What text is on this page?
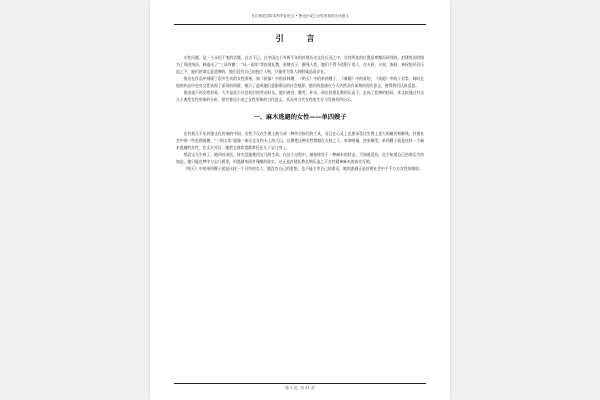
长江师范学院本科毕业论文 • 鲁迅小说之女性形象的当代意义
引 言

女性问题，是一个永恒不变的话题，自古不已。在中国这个有两千年的封建历史文化长河之中，女性所处的位置是卑微而屈辱的。封建统治阶级为了巩固统治，制造出了“三从四德”、“从一而终”等封建礼教，束缚女子，摧残人性。她们不得不依附于男人，在夫权、父权、族权、神权的层层压迫之下，她们的命运是悲惨的，她们没有自己的独立人格，只能作为男人的附属品而存在。

鲁迅在作品中刻画了很多生动的女性形象，如《祝福》中的祥林嫂，《明天》中的单四嫂子，《离婚》中的爱姑，《伤逝》中的子君等。同时在他的作品中也对女性表现了深切的同情，揭示了造成她们悲剧命运的社会根源。她们的悲剧在今天仍然具有深刻的现实意义，值得我们认真反思。

鲁迅笔下的女性形象，大多是处于社会底层的劳动妇女，她们善良、勤劳、朴实，却在封建礼教的压迫下，走向了悲惨的结局。本文拟通过对这几个典型女性形象的分析，探究鲁迅小说之女性形象的当代意义，从而对当代女性的生存与发展有所启示。

一、麻木逃避的女性——单四嫂子

在有着几千年封建文化传统的中国，女性不仅在生理上被当成一种传宗接代的工具，而且在心灵上也要承受比生理上更大的痛苦和摧残。封建社会中的一些伦理道德，“三纲五常”就像一座压在女性头上的大山。长期把这种女性禁锢在夫权之下，奉命唯谨，逆来顺受。单四嫂子就是这样一个麻木逃避的女性，在丈夫死后，她把全部希望都寄托在儿子宝儿身上。

然而宝儿生病了，她四处求医，终究没能挽回宝儿的生命。在这个过程中，她始终处于一种麻木的状态，不知道反抗，也不知道自己的命运为何如此。她只能在梦中与宝儿相见，用逃避来面对残酷的现实，这正是封建礼教长期压迫之下女性精神麻木的真实写照。

《明天》中的单四嫂子就是这样一个可怜的女人，她没有自己的思想，也不能主宰自己的命运，她的悲剧正是封建社会中千千万万女性的缩影。

第 1 页，共 11 页
